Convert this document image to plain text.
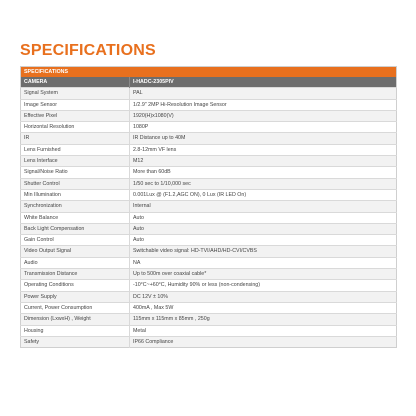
SPECIFICATIONS
SPECIFICATIONS	
CAMERA	I-HADC-2305PIV
Signal System	PAL
Image Sensor	1/2.9" 2MP Hi-Resolution Image Sensor
Effective Pixel	1920(H)x1080(V)
Horizontal Resolution	1080P
IR	IR Distance up to 40M
Lens Furnished	2.8-12mm VF lens
Lens Interface	M12
Signal/Noise Ratio	More than 60dB
Shutter Control	1/50 sec to 1/10,000 sec
Min Illumination	0.001Lux @ (F1.2,AGC ON), 0 Lux (IR LED On)
Synchronization	Internal
White Balance	Auto
Back Light Compensation	Auto
Gain Control	Auto
Video Output Signal	Switchable video signal: HD-TVI/AHD/HD-CVI/CVBS
Audio	NA
Transmission Distance	Up to 500m over coaxial cable*
Operating Conditions	-10°C~+60°C, Humidity 90% or less (non-condensing)
Power Supply	DC 12V ± 10%
Current, Power Consumption	400mA , Max 5W
Dimension (LxwxH) , Weight	115mm x 115mm x 85mm , 250g
Housing	Metal
Safety	IP66 Compliance
